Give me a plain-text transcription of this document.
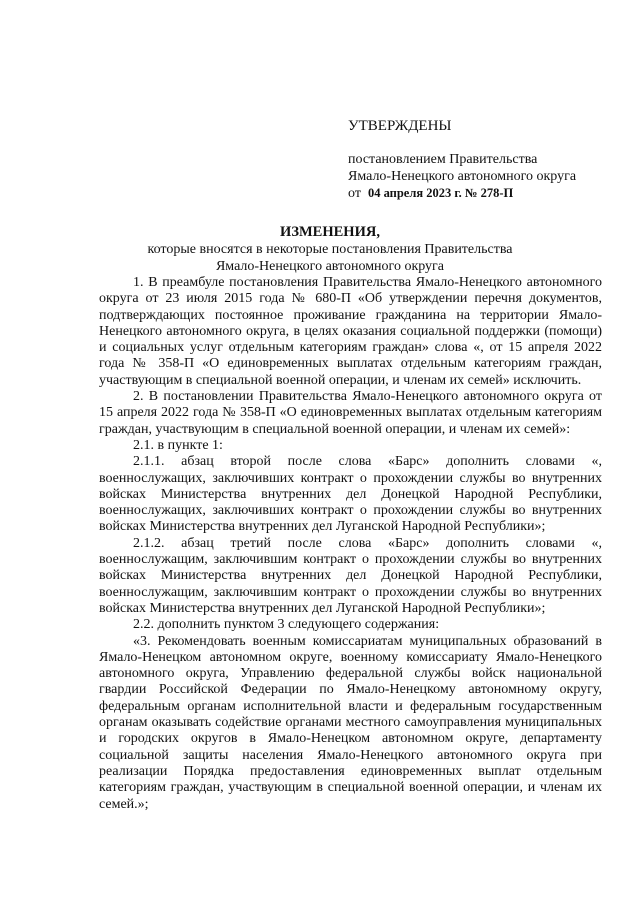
УТВЕРЖДЕНЫ
постановлением Правительства
Ямало-Ненецкого автономного округа
от 04 апреля 2023 г. № 278-П
ИЗМЕНЕНИЯ,
которые вносятся в некоторые постановления Правительства
Ямало-Ненецкого автономного округа

1. В преамбуле постановления Правительства Ямало-Ненецкого автономного округа от 23 июля 2015 года № 680-П «Об утверждении перечня документов, подтверждающих постоянное проживание гражданина на территории Ямало-Ненецкого автономного округа, в целях оказания социальной поддержки (помощи) и социальных услуг отдельным категориям граждан» слова «, от 15 апреля 2022 года № 358-П «О единовременных выплатах отдельным категориям граждан, участвующим в специальной военной операции, и членам их семей» исключить.

2. В постановлении Правительства Ямало-Ненецкого автономного округа от 15 апреля 2022 года № 358-П «О единовременных выплатах отдельным категориям граждан, участвующим в специальной военной операции, и членам их семей»:

2.1. в пункте 1:

2.1.1. абзац второй после слова «Барс» дополнить словами «, военнослужащих, заключивших контракт о прохождении службы во внутренних войсках Министерства внутренних дел Донецкой Народной Республики, военнослужащих, заключивших контракт о прохождении службы во внутренних войсках Министерства внутренних дел Луганской Народной Республики»;

2.1.2. абзац третий после слова «Барс» дополнить словами «, военнослужащим, заключившим контракт о прохождении службы во внутренних войсках Министерства внутренних дел Донецкой Народной Республики, военнослужащим, заключившим контракт о прохождении службы во внутренних войсках Министерства внутренних дел Луганской Народной Республики»;

2.2. дополнить пунктом 3 следующего содержания:

«3. Рекомендовать военным комиссариатам муниципальных образований в Ямало-Ненецком автономном округе, военному комиссариату Ямало-Ненецкого автономного округа, Управлению федеральной службы войск национальной гвардии Российской Федерации по Ямало-Ненецкому автономному округу, федеральным органам исполнительной власти и федеральным государственным органам оказывать содействие органами местного самоуправления муниципальных и городских округов в Ямало-Ненецком автономном округе, департаменту социальной защиты населения Ямало-Ненецкого автономного округа при реализации Порядка предоставления единовременных выплат отдельным категориям граждан, участвующим в специальной военной операции, и членам их семей.»;
